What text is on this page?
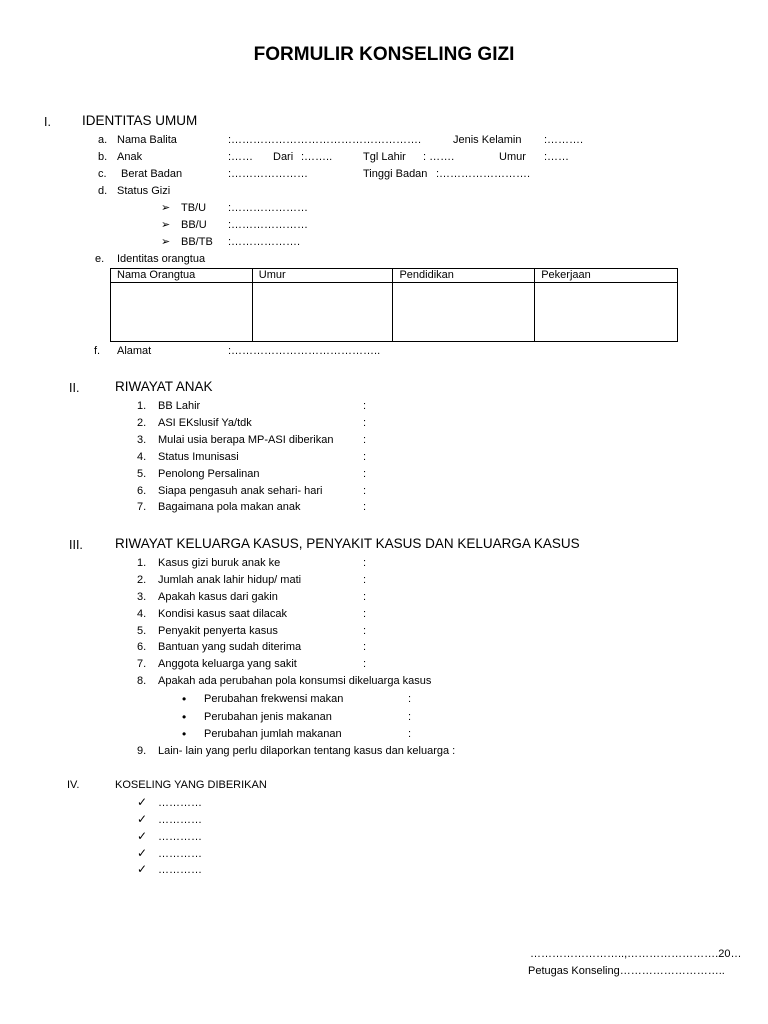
FORMULIR KONSELING GIZI
I. IDENTITAS UMUM
a. Nama Balita	:…………………………………………….	Jenis Kelamin :……….
b. Anak	:…… Dari :……..	Tgl Lahir : …….	Umur :……
c. Berat Badan	:…………………	Tinggi Badan :…………………….
d. Status Gizi
➢ TB/U :…………………
➢ BB/U :…………………
➢ BB/TB :……………….
e. Identitas orangtua
Nama Orangtua	Umur	Pendidikan	Pekerjaan

f. Alamat	:…………………………………..
II.	RIWAYAT ANAK
1. BB Lahir	:
2. ASI EKslusif Ya/tdk	:
3. Mulai usia berapa MP-ASI diberikan	:
4. Status Imunisasi	:
5. Penolong Persalinan	:
6. Siapa pengasuh anak sehari- hari	:
7. Bagaimana pola makan anak	:
III. RIWAYAT KELUARGA KASUS, PENYAKIT KASUS DAN KELUARGA KASUS
1. Kasus gizi buruk anak ke	:
2. Jumlah anak lahir hidup/ mati	:
3. Apakah kasus dari gakin	:
4. Kondisi kasus saat dilacak	:
5. Penyakit penyerta kasus	:
6. Bantuan yang sudah diterima	:
7. Anggota keluarga yang sakit	:
8. Apakah ada perubahan pola konsumsi dikeluarga kasus
• Perubahan frekwensi makan	:
• Perubahan jenis makanan	:
• Perubahan jumlah makanan	:
9. Lain- lain yang perlu dilaporkan tentang kasus dan keluarga :
IV.	KOSELING YANG DIBERIKAN
✓ …………
✓ …………
✓ …………
✓ …………
✓ …………
……………………..,…………………….20…
Petugas Konseling………………………..
